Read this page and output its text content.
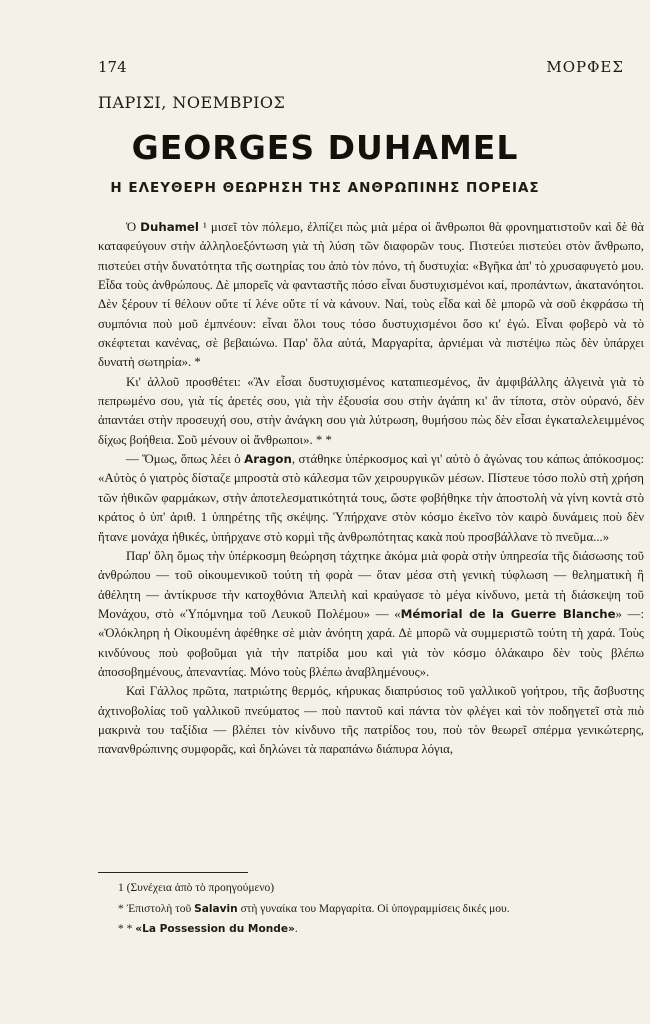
174	ΜΟΡΦΕΣ
ΠΑΡΙΣΙ, ΝΟΕΜΒΡΙΟΣ
GEORGES DUHAMEL
Η ΕΛΕΥΘΕΡΗ ΘΕΩΡΗΣΗ ΤΗΣ ΑΝΘΡΩΠΙΝΗΣ ΠΟΡΕΙΑΣ

Ὁ Duhamel ¹ μισεῖ τὸν πόλεμο, ἐλπίζει πὼς μιὰ μέρα οἱ ἄνθρωποι θὰ φρονηματιστοῦν καὶ δὲ θὰ καταφεύγουν στὴν ἀλληλοεξόντωση γιὰ τὴ λύση τῶν διαφορῶν τους. Πιστεύει πιστεύει στὸν ἄνθρωπο, πιστεύει στὴν δυνατότητα τῆς σωτηρίας του ἀπὸ τὸν πόνο, τὴ δυστυχία: «Βγῆκα ἀπ' τὸ χρυσαφυγετὸ μου. Εἶδα τοὺς ἀνθρώπους. Δὲ μπορεῖς νὰ φανταστῆς πόσο εἶναι δυστυχισμένοι καί, προπάντων, ἀκατανόητοι. Δὲν ξέρουν τί θέλουν οὔτε τί λένε οὔτε τί νὰ κάνουν. Ναί, τοὺς εἶδα καὶ δὲ μπορῶ νὰ σοῦ ἐκφράσω τὴ συμπόνια ποὺ μοῦ ἐμπνέουν: εἶναι ὅλοι τους τόσο δυστυχισμένοι ὅσο κι' ἐγώ. Εἶναι φοβερὸ νὰ τὸ σκέφτεται κανένας, σὲ βεβαιώνω. Παρ' ὅλα αὐτά, Μαργαρίτα, ἀρνιέμαι νὰ πιστέψω πὼς δὲν ὑπάρχει δυνατὴ σωτηρία». *

Κι' ἀλλοῦ προσθέτει: «Ἂν εἶσαι δυστυχισμένος καταπιεσμένος, ἂν ἀμφιβάλλης ἀλγεινὰ γιὰ τὸ πεπρωμένο σου, γιὰ τίς ἀρετές σου, γιὰ τὴν ἐξουσία σου στὴν ἀγάπη κι' ἂν τίποτα, στὸν οὐρανό, δὲν ἀπαντάει στὴν προσευχή σου, στὴν ἀνάγκη σου γιὰ λύτρωση, θυμήσου πὼς δὲν εἶσαι ἐγκαταλελειμμένος δίχως βοήθεια. Σοῦ μένουν οἱ ἄνθρωποι». * *

— Ὅμως, ὅπως λέει ὁ Aragon, στάθηκε ὑπέρκοσμος καὶ γι' αὐτὸ ὁ ἀγώνας του κάπως ἀπόκοσμος: «Αὐτὸς ὁ γιατρὸς δίσταζε μπροστὰ στὸ κάλεσμα τῶν χειρουργικῶν μέσων. Πίστευε τόσο πολὺ στὴ χρήση τῶν ἠθικῶν φαρμάκων, στὴν ἀποτελεσματικότητά τους, ὥστε φοβήθηκε τὴν ἀποστολὴ νὰ γίνη κοντὰ στὸ κράτος ὁ ὑπ' ἀριθ. 1 ὑπηρέτης τῆς σκέψης. Ὑπήρχανε στὸν κόσμο ἐκεῖνο τὸν καιρὸ δυνάμεις ποὺ δὲν ἤτανε μονάχα ἠθικές, ὑπήρχανε στὸ κορμὶ τῆς ἀνθρωπότητας κακὰ ποὺ προσβάλλανε τὸ πνεῦμα...»

Παρ' ὅλη ὅμως τὴν ὑπέρκοσμη θεώρηση τάχτηκε ἀκόμα μιὰ φορὰ στὴν ὑπηρεσία τῆς διάσωσης τοῦ ἀνθρώπου — τοῦ οἰκουμενικοῦ τούτη τὴ φορὰ — ὅταν μέσα στὴ γενικὴ τύφλωση — θεληματικὴ ἢ ἀθέλητη — ἀντίκρυσε τὴν κατοχθόνια Ἀπειλὴ καὶ κραύγασε τὸ μέγα κίνδυνο, μετὰ τὴ διάσκεψη τοῦ Μονάχου, στὸ «Ὑπόμνημα τοῦ Λευκοῦ Πολέμου» — «Mémorial de la Guerre Blanche» —: «Ὁλόκληρη ἡ Οἰκουμένη ἀφέθηκε σὲ μιὰν ἀνόητη χαρά. Δὲ μπορῶ νὰ συμμεριστῶ τούτη τὴ χαρά. Τοὺς κινδύνους ποὺ φοβοῦμαι γιὰ τὴν πατρίδα μου καὶ γιὰ τὸν κόσμο ὁλάκαιρο δὲν τοὺς βλέπω ἀποσοβημένους, ἀπεναντίας. Μόνο τοὺς βλέπω ἀναβλημένους».

Καὶ Γάλλος πρῶτα, πατριώτης θερμός, κήρυκας διαπρύσιος τοῦ γαλλικοῦ γοήτρου, τῆς ἄσβυστης ἀχτινοβολίας τοῦ γαλλικοῦ πνεύματος — ποὺ παντοῦ καὶ πάντα τὸν φλέγει καὶ τὸν ποδηγετεῖ στὰ πιὸ μακρινὰ του ταξίδια — βλέπει τὸν κίνδυνο τῆς πατρίδος του, ποὺ τὸν θεωρεῖ σπέρμα γενικώτερης, πανανθρώπινης συμφορᾶς, καὶ δηλώνει τὰ παραπάνω διάπυρα λόγια,

1 (Συνέχεια ἀπὸ τὸ προηγούμενο)

* Ἐπιστολὴ τοῦ Salavin στὴ γυναίκα του Μαργαρίτα. Οἱ ὑπογραμμίσεις δικές μου.

* * «La Possession du Monde».
